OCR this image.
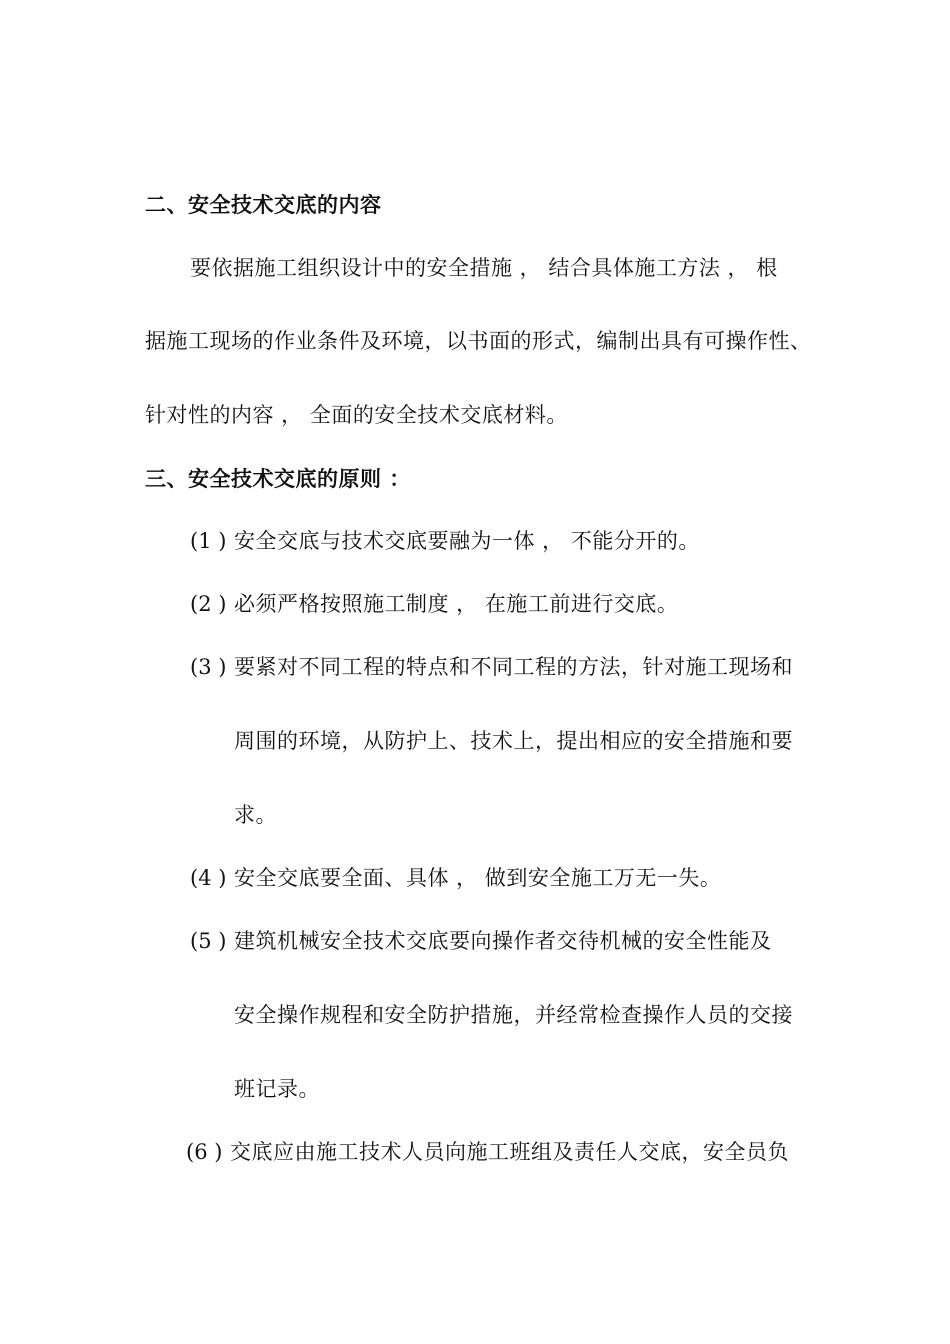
二、安全技术交底的内容
要依据施工组织设计中的安全措施 ， 结合具体施工方法 ， 根
据施工现场的作业条件及环境，以书面的形式，编制出具有可操作性、
针对性的内容 ， 全面的安全技术交底材料。
三、安全技术交底的原则 ：
(1 ) 安全交底与技术交底要融为一体 ， 不能分开的。
(2 ) 必须严格按照施工制度 ， 在施工前进行交底。
(3 ) 要紧对不同工程的特点和不同工程的方法，针对施工现场和
周围的环境，从防护上、技术上，提出相应的安全措施和要
求。
(4 ) 安全交底要全面、具体 ， 做到安全施工万无一失。
(5 ) 建筑机械安全技术交底要向操作者交待机械的安全性能及
安全操作规程和安全防护措施，并经常检查操作人员的交接
班记录。
(6 ) 交底应由施工技术人员向施工班组及责任人交底，安全员负
